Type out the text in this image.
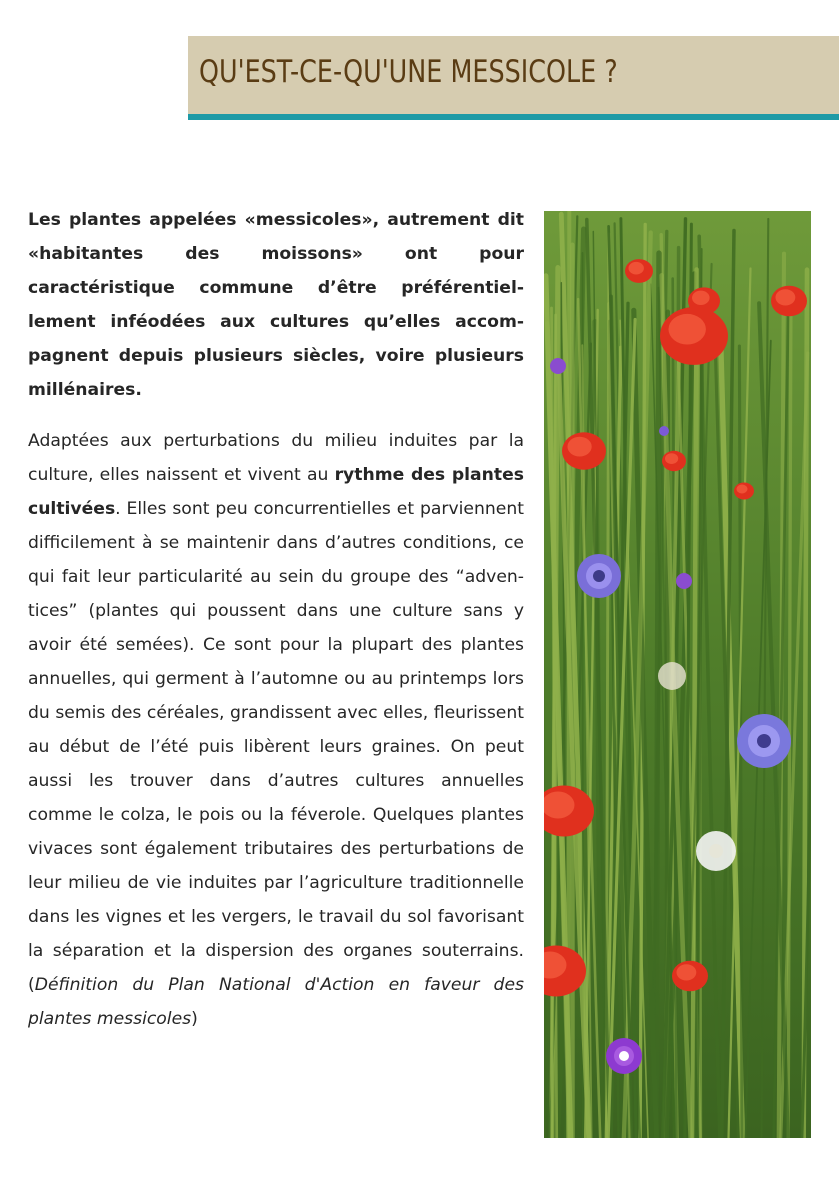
QU'EST-CE-QU'UNE MESSICOLE ?

Les plantes appelées «messicoles», autrement dit «habitantes des moissons» ont pour caractéristique commune d’être préférentiellement inféodées aux cultures qu’elles accompagnent depuis plusieurs siècles, voire plusieurs millénaires.

Adaptées aux perturbations du milieu induites par la culture, elles naissent et vivent au rythme des plantes cultivées. Elles sont peu concurrentielles et parviennent difficilement à se maintenir dans d’autres conditions, ce qui fait leur particularité au sein du groupe des “adventices” (plantes qui poussent dans une culture sans y avoir été semées). Ce sont pour la plupart des plantes annuelles, qui germent à l’automne ou au printemps lors du semis des céréales, grandissent avec elles, fleurissent au début de l’été puis libèrent leurs graines. On peut aussi les trouver dans d’autres cultures annuelles comme le colza, le pois ou la féverole. Quelques plantes vivaces sont également tributaires des perturbations de leur milieu de vie induites par l’agriculture traditionnelle dans les vignes et les vergers, le travail du sol favorisant la séparation et la dispersion des organes souterrains. (Définition du Plan National d'Action en faveur des plantes messicoles)
